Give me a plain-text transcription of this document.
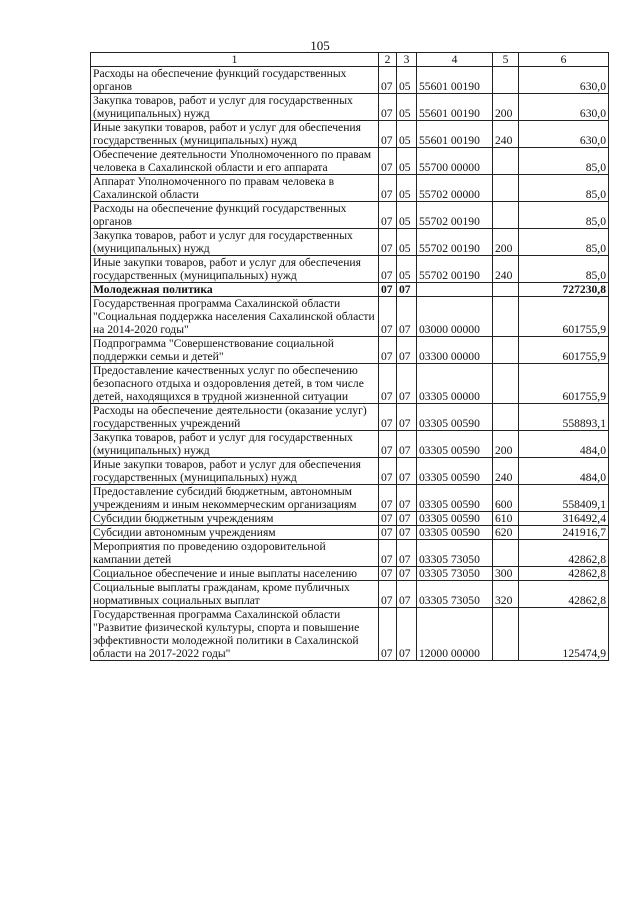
105
1	2	3	4	5	6
Расходы на обеспечение функций государственных органов	07	05	55601 00190		630,0
Закупка товаров, работ и услуг для государственных (муниципальных) нужд	07	05	55601 00190	200	630,0
Иные закупки товаров, работ и услуг для обеспечения государственных (муниципальных) нужд	07	05	55601 00190	240	630,0
Обеспечение деятельности Уполномоченного по правам человека в Сахалинской области и его аппарата	07	05	55700 00000		85,0
Аппарат Уполномоченного по правам человека в Сахалинской области	07	05	55702 00000		85,0
Расходы на обеспечение функций государственных органов	07	05	55702 00190		85,0
Закупка товаров, работ и услуг для государственных (муниципальных) нужд	07	05	55702 00190	200	85,0
Иные закупки товаров, работ и услуг для обеспечения государственных (муниципальных) нужд	07	05	55702 00190	240	85,0
Молодежная политика	07	07			727230,8
Государственная программа Сахалинской области "Социальная поддержка населения Сахалинской области на 2014-2020 годы"	07	07	03000 00000		601755,9
Подпрограмма "Совершенствование социальной поддержки семьи и детей"	07	07	03300 00000		601755,9
Предоставление качественных услуг по обеспечению безопасного отдыха и оздоровления детей, в том числе детей, находящихся в трудной жизненной ситуации	07	07	03305 00000		601755,9
Расходы на обеспечение деятельности (оказание услуг) государственных учреждений	07	07	03305 00590		558893,1
Закупка товаров, работ и услуг для государственных (муниципальных) нужд	07	07	03305 00590	200	484,0
Иные закупки товаров, работ и услуг для обеспечения государственных (муниципальных) нужд	07	07	03305 00590	240	484,0
Предоставление субсидий бюджетным, автономным учреждениям и иным некоммерческим организациям	07	07	03305 00590	600	558409,1
Субсидии бюджетным учреждениям	07	07	03305 00590	610	316492,4
Субсидии автономным учреждениям	07	07	03305 00590	620	241916,7
Мероприятия по проведению оздоровительной кампании детей	07	07	03305 73050		42862,8
Социальное обеспечение и иные выплаты населению	07	07	03305 73050	300	42862,8
Социальные выплаты гражданам, кроме публичных нормативных социальных выплат	07	07	03305 73050	320	42862,8
Государственная программа Сахалинской области "Развитие физической культуры, спорта и повышение эффективности молодежной политики в Сахалинской области на 2017-2022 годы"	07	07	12000 00000		125474,9
